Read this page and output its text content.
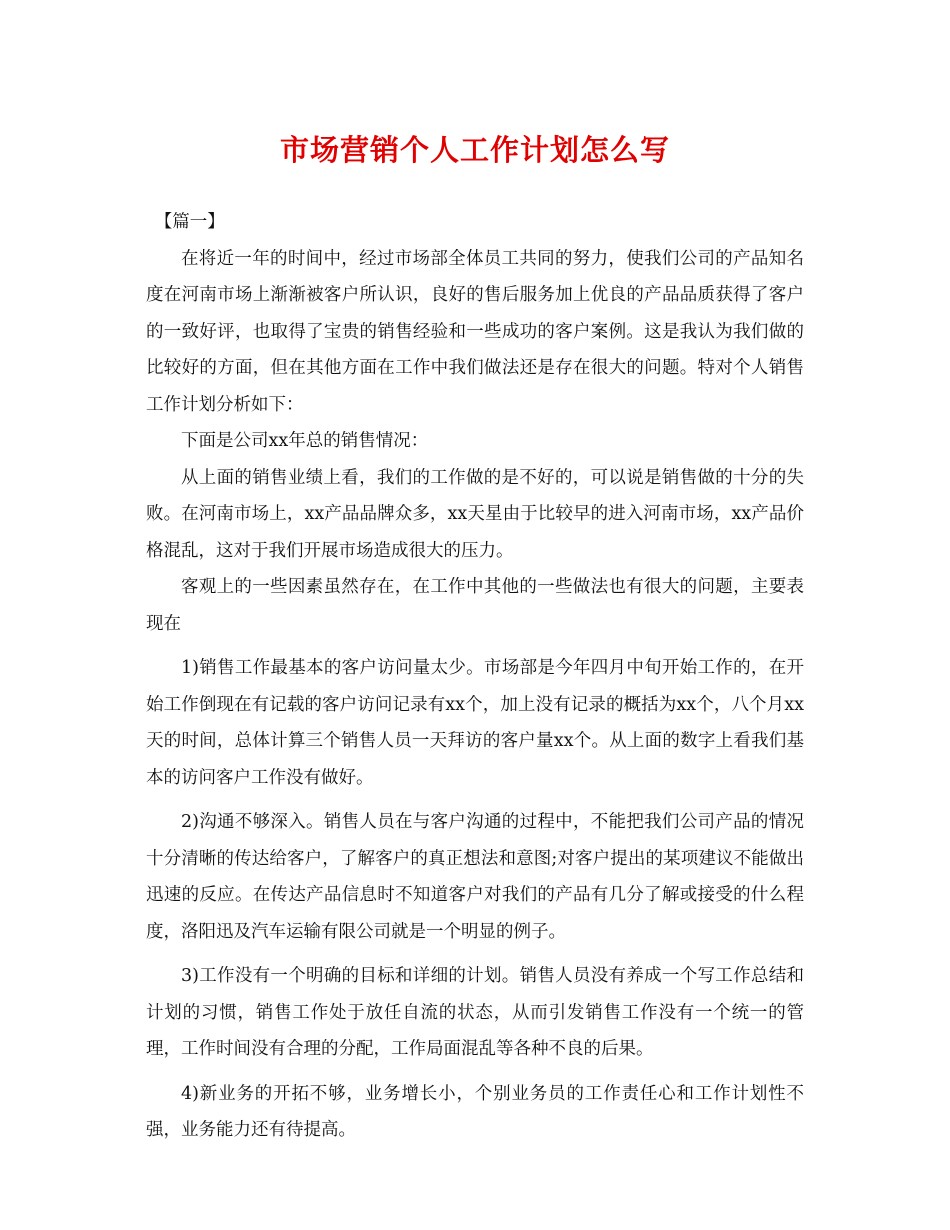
市场营销个人工作计划怎么写

【篇一】

在将近一年的时间中，经过市场部全体员工共同的努力，使我们公司的产品知名度在河南市场上渐渐被客户所认识，良好的售后服务加上优良的产品品质获得了客户的一致好评，也取得了宝贵的销售经验和一些成功的客户案例。这是我认为我们做的比较好的方面，但在其他方面在工作中我们做法还是存在很大的问题。特对个人销售工作计划分析如下：

下面是公司xx年总的销售情况：

从上面的销售业绩上看，我们的工作做的是不好的，可以说是销售做的十分的失败。在河南市场上，xx产品品牌众多，xx天星由于比较早的进入河南市场，xx产品价格混乱，这对于我们开展市场造成很大的压力。

客观上的一些因素虽然存在，在工作中其他的一些做法也有很大的问题，主要表现在

1)销售工作最基本的客户访问量太少。市场部是今年四月中旬开始工作的，在开始工作倒现在有记载的客户访问记录有xx个，加上没有记录的概括为xx个，八个月xx天的时间，总体计算三个销售人员一天拜访的客户量xx个。从上面的数字上看我们基本的访问客户工作没有做好。

2)沟通不够深入。销售人员在与客户沟通的过程中，不能把我们公司产品的情况十分清晰的传达给客户，了解客户的真正想法和意图;对客户提出的某项建议不能做出迅速的反应。在传达产品信息时不知道客户对我们的产品有几分了解或接受的什么程度，洛阳迅及汽车运输有限公司就是一个明显的例子。

3)工作没有一个明确的目标和详细的计划。销售人员没有养成一个写工作总结和计划的习惯，销售工作处于放任自流的状态，从而引发销售工作没有一个统一的管理，工作时间没有合理的分配，工作局面混乱等各种不良的后果。

4)新业务的开拓不够，业务增长小，个别业务员的工作责任心和工作计划性不强，业务能力还有待提高。
